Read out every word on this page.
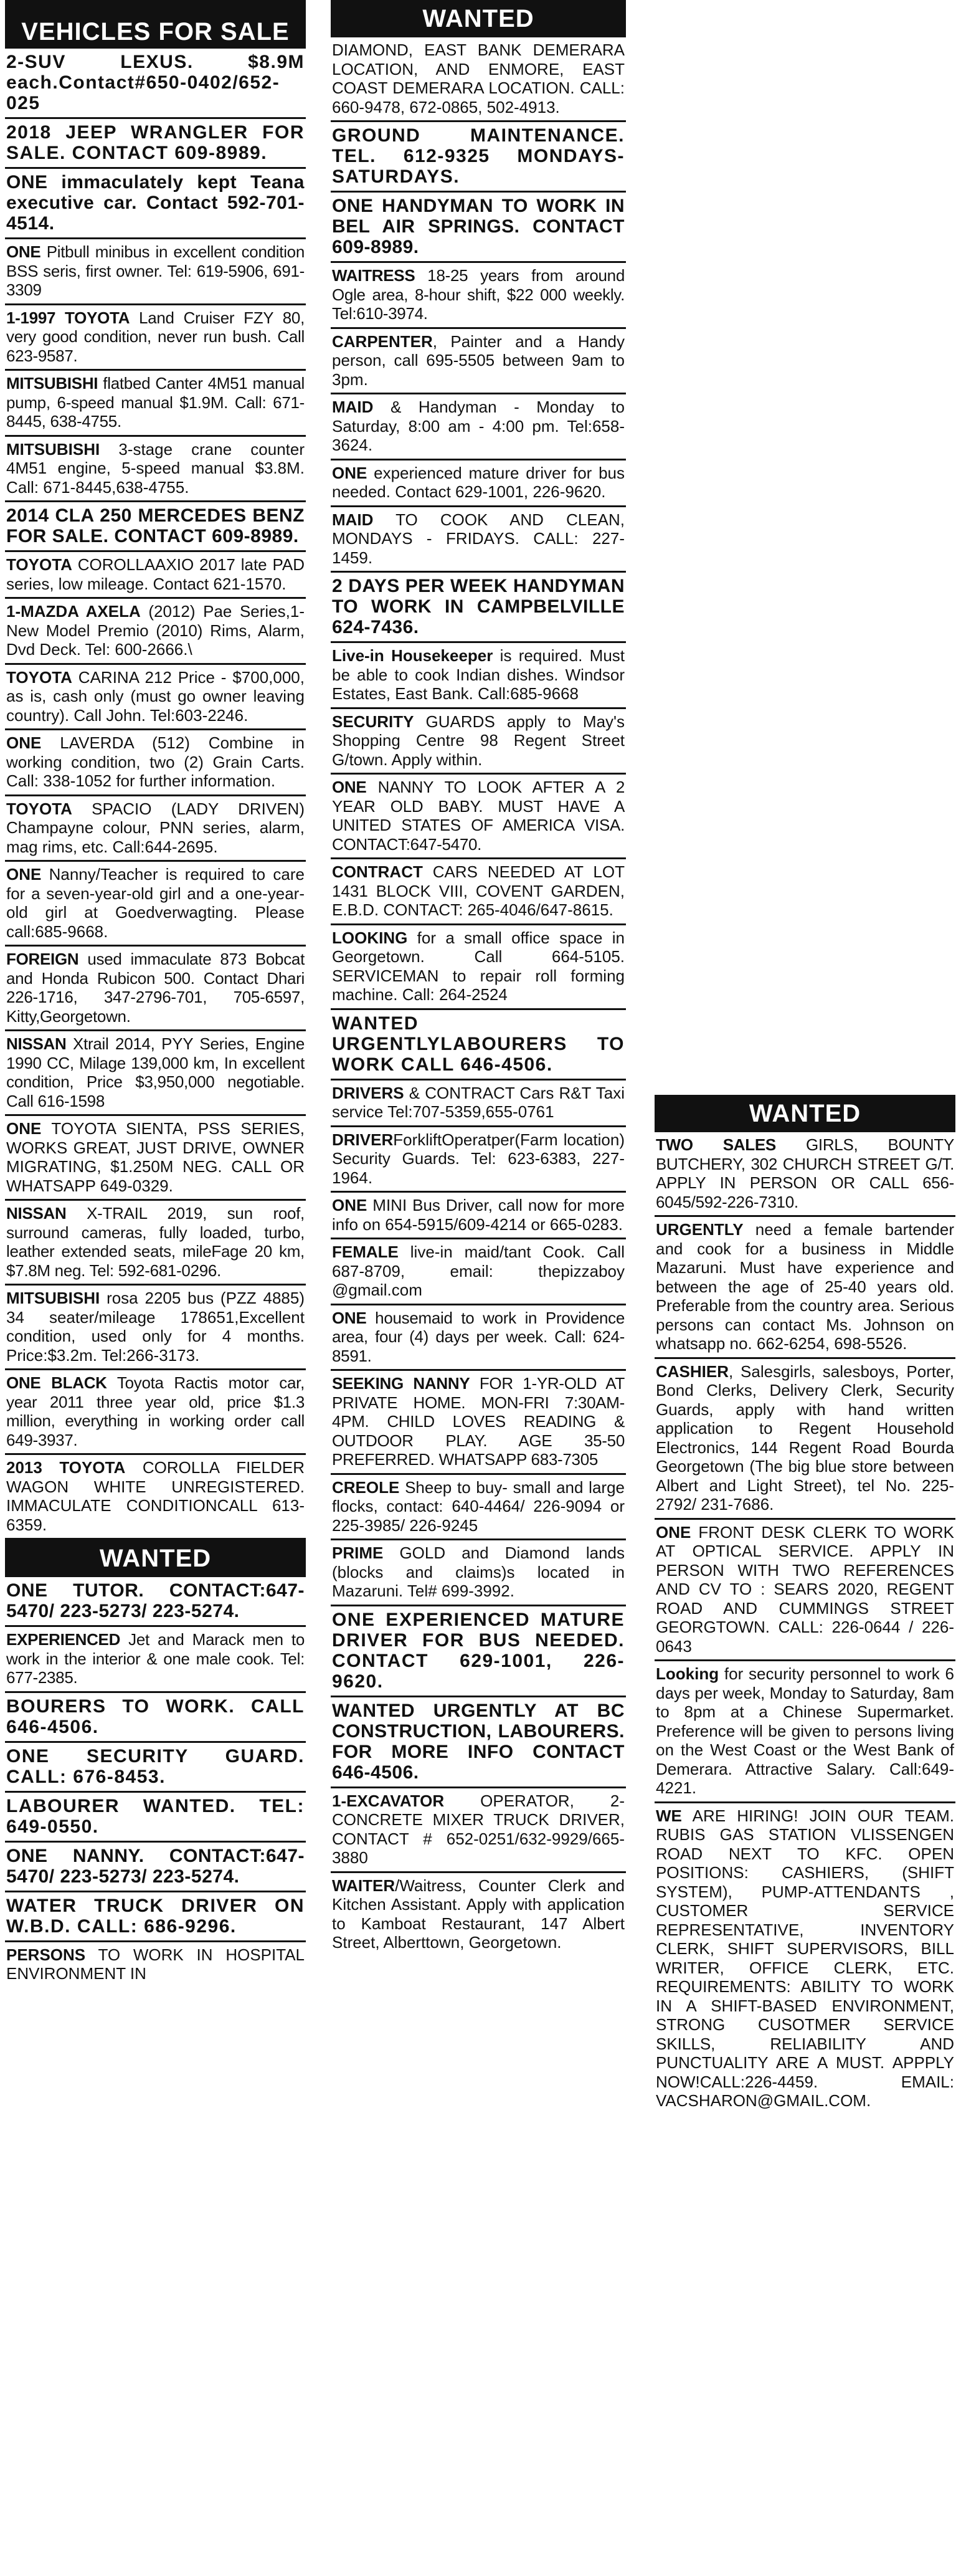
VEHICLES FOR SALE
2-SUV LEXUS. $8.9M each.Contact#650-0402/652-025
2018 JEEP WRANGLER FOR SALE. CONTACT 609-8989.
ONE immaculately kept Teana executive car. Contact 592-701-4514.
ONE Pitbull minibus in excellent condition BSS seris, first owner. Tel: 619-5906, 691-3309
1-1997 TOYOTA Land Cruiser FZY 80, very good condition, never run bush. Call 623-9587.
MITSUBISHI flatbed Canter 4M51 manual pump, 6-speed manual $1.9M. Call: 671-8445, 638-4755.
MITSUBISHI 3-stage crane counter 4M51 engine, 5-speed manual $3.8M. Call: 671-8445,638-4755.
2014 CLA 250 MERCEDES BENZ FOR SALE. CONTACT 609-8989.
TOYOTA COROLLAAXIO 2017 late PAD series, low mileage. Contact 621-1570.
1-MAZDA AXELA (2012) Pae Series,1- New Model Premio (2010) Rims, Alarm, Dvd Deck. Tel: 600-2666.\
TOYOTA CARINA 212 Price - $700,000, as is, cash only (must go owner leaving country). Call John. Tel:603-2246.
ONE LAVERDA (512) Combine in working condition, two (2) Grain Carts. Call: 338-1052 for further information.
TOYOTA SPACIO (LADY DRIVEN) Champayne colour, PNN series, alarm, mag rims, etc. Call:644-2695.
ONE Nanny/Teacher is required to care for a seven-year-old girl and a one-year-old girl at Goedverwagting. Please call:685-9668.
FOREIGN used immaculate 873 Bobcat and Honda Rubicon 500. Contact Dhari 226-1716, 347-2796-701, 705-6597, Kitty,Georgetown.
NISSAN Xtrail 2014, PYY Series, Engine 1990 CC, Milage 139,000 km, In excellent condition, Price $3,950,000 negotiable. Call 616-1598
ONE TOYOTA SIENTA, PSS SERIES, WORKS GREAT, JUST DRIVE, OWNER MIGRATING, $1.250M NEG. CALL OR WHATSAPP 649-0329.
NISSAN X-TRAIL 2019, sun roof, surround cameras, fully loaded, turbo, leather extended seats, mileFage 20 km, $7.8M neg. Tel: 592-681-0296.
MITSUBISHI rosa 2205 bus (PZZ 4885) 34 seater/mileage 178651,Excellent condition, used only for 4 months. Price:$3.2m. Tel:266-3173.
ONE BLACK Toyota Ractis motor car, year 2011 three year old, price $1.3 million, everything in working order call 649-3937.
2013 TOYOTA COROLLA FIELDER WAGON WHITE UNREGISTERED. IMMACULATE CONDITIONCALL 613-6359.
WANTED
ONE TUTOR. CONTACT:647-5470/ 223-5273/ 223-5274.
EXPERIENCED Jet and Marack men to work in the interior & one male cook. Tel: 677-2385.
BOURERS TO WORK. CALL 646-4506.
ONE SECURITY GUARD. CALL: 676-8453.
LABOURER WANTED. TEL: 649-0550.
ONE NANNY. CONTACT:647-5470/ 223-5273/ 223-5274.
WATER TRUCK DRIVER ON W.B.D. CALL: 686-9296.
PERSONS TO WORK IN HOSPITAL ENVIRONMENT IN
WANTED
DIAMOND, EAST BANK DEMERARA LOCATION, AND ENMORE, EAST COAST DEMERARA LOCATION. CALL: 660-9478, 672-0865, 502-4913.
GROUND MAINTENANCE. TEL. 612-9325 MONDAYS-SATURDAYS.
ONE HANDYMAN TO WORK IN BEL AIR SPRINGS. CONTACT 609-8989.
WAITRESS 18-25 years from around Ogle area, 8-hour shift, $22 000 weekly. Tel:610-3974.
CARPENTER, Painter and a Handy person, call 695-5505 between 9am to 3pm.
MAID & Handyman - Monday to Saturday, 8:00 am - 4:00 pm. Tel:658-3624.
ONE experienced mature driver for bus needed. Contact 629-1001, 226-9620.
MAID TO COOK AND CLEAN, MONDAYS - FRIDAYS. CALL: 227-1459.
2 DAYS PER WEEK HANDYMAN TO WORK IN CAMPBELVILLE 624-7436.
Live-in Housekeeper is required. Must be able to cook Indian dishes. Windsor Estates, East Bank. Call:685-9668
SECURITY GUARDS apply to May's Shopping Centre 98 Regent Street G/town. Apply within.
ONE NANNY TO LOOK AFTER A 2 YEAR OLD BABY. MUST HAVE A UNITED STATES OF AMERICA VISA. CONTACT:647-5470.
CONTRACT CARS NEEDED AT LOT 1431 BLOCK VIII, COVENT GARDEN, E.B.D. CONTACT: 265-4046/647-8615.
LOOKING for a small office space in Georgetown. Call 664-5105. SERVICEMAN to repair roll forming machine. Call: 264-2524
WANTED URGENTLYLABOURERS TO WORK CALL 646-4506.
DRIVERS & CONTRACT Cars R&T Taxi service Tel:707-5359,655-0761
DRIVERForkliftOperatper(Farm location) Security Guards. Tel: 623-6383, 227-1964.
ONE MINI Bus Driver, call now for more info on 654-5915/609-4214 or 665-0283.
FEMALE live-in maid/tant Cook. Call 687-8709, email: thepizzaboy @gmail.com
ONE housemaid to work in Providence area, four (4) days per week. Call: 624-8591.
SEEKING NANNY FOR 1-YR-OLD AT PRIVATE HOME. MON-FRI 7:30AM-4PM. CHILD LOVES READING & OUTDOOR PLAY. AGE 35-50 PREFERRED. WHATSAPP 683-7305
CREOLE Sheep to buy- small and large flocks, contact: 640-4464/ 226-9094 or 225-3985/ 226-9245
PRIME GOLD and Diamond lands (blocks and claims)s located in Mazaruni. Tel# 699-3992.
ONE EXPERIENCED MATURE DRIVER FOR BUS NEEDED. CONTACT 629-1001, 226-9620.
WANTED URGENTLY AT BC CONSTRUCTION, LABOURERS. FOR MORE INFO CONTACT 646-4506.
1-EXCAVATOR OPERATOR, 2- CONCRETE MIXER TRUCK DRIVER, CONTACT # 652-0251/632-9929/665-3880
WAITER/Waitress, Counter Clerk and Kitchen Assistant. Apply with application to Kamboat Restaurant, 147 Albert Street, Alberttown, Georgetown.
WANTED
TWO SALES GIRLS, BOUNTY BUTCHERY, 302 CHURCH STREET G/T. APPLY IN PERSON OR CALL 656-6045/592-226-7310.
URGENTLY need a female bartender and cook for a business in Middle Mazaruni. Must have experience and between the age of 25-40 years old. Preferable from the country area. Serious persons can contact Ms. Johnson on whatsapp no. 662-6254, 698-5526.
CASHIER, Salesgirls, salesboys, Porter, Bond Clerks, Delivery Clerk, Security Guards, apply with hand written application to Regent Household Electronics, 144 Regent Road Bourda Georgetown (The big blue store between Albert and Light Street), tel No. 225-2792/ 231-7686.
ONE FRONT DESK CLERK TO WORK AT OPTICAL SERVICE. APPLY IN PERSON WITH TWO REFERENCES AND CV TO : SEARS 2020, REGENT ROAD AND CUMMINGS STREET GEORGTOWN. CALL: 226-0644 / 226-0643
Looking for security personnel to work 6 days per week, Monday to Saturday, 8am to 8pm at a Chinese Supermarket. Preference will be given to persons living on the West Coast or the West Bank of Demerara. Attractive Salary. Call:649-4221.
WE ARE HIRING! JOIN OUR TEAM. RUBIS GAS STATION VLISSENGEN ROAD NEXT TO KFC. OPEN POSITIONS: CASHIERS, (SHIFT SYSTEM), PUMP-ATTENDANTS , CUSTOMER SERVICE REPRESENTATIVE, INVENTORY CLERK, SHIFT SUPERVISORS, BILL WRITER, OFFICE CLERK, ETC. REQUIREMENTS: ABILITY TO WORK IN A SHIFT-BASED ENVIRONMENT, STRONG CUSOTMER SERVICE SKILLS, RELIABILITY AND PUNCTUALITY ARE A MUST. APPPLY NOW!CALL:226-4459. EMAIL: VACSHARON@GMAIL.COM.
